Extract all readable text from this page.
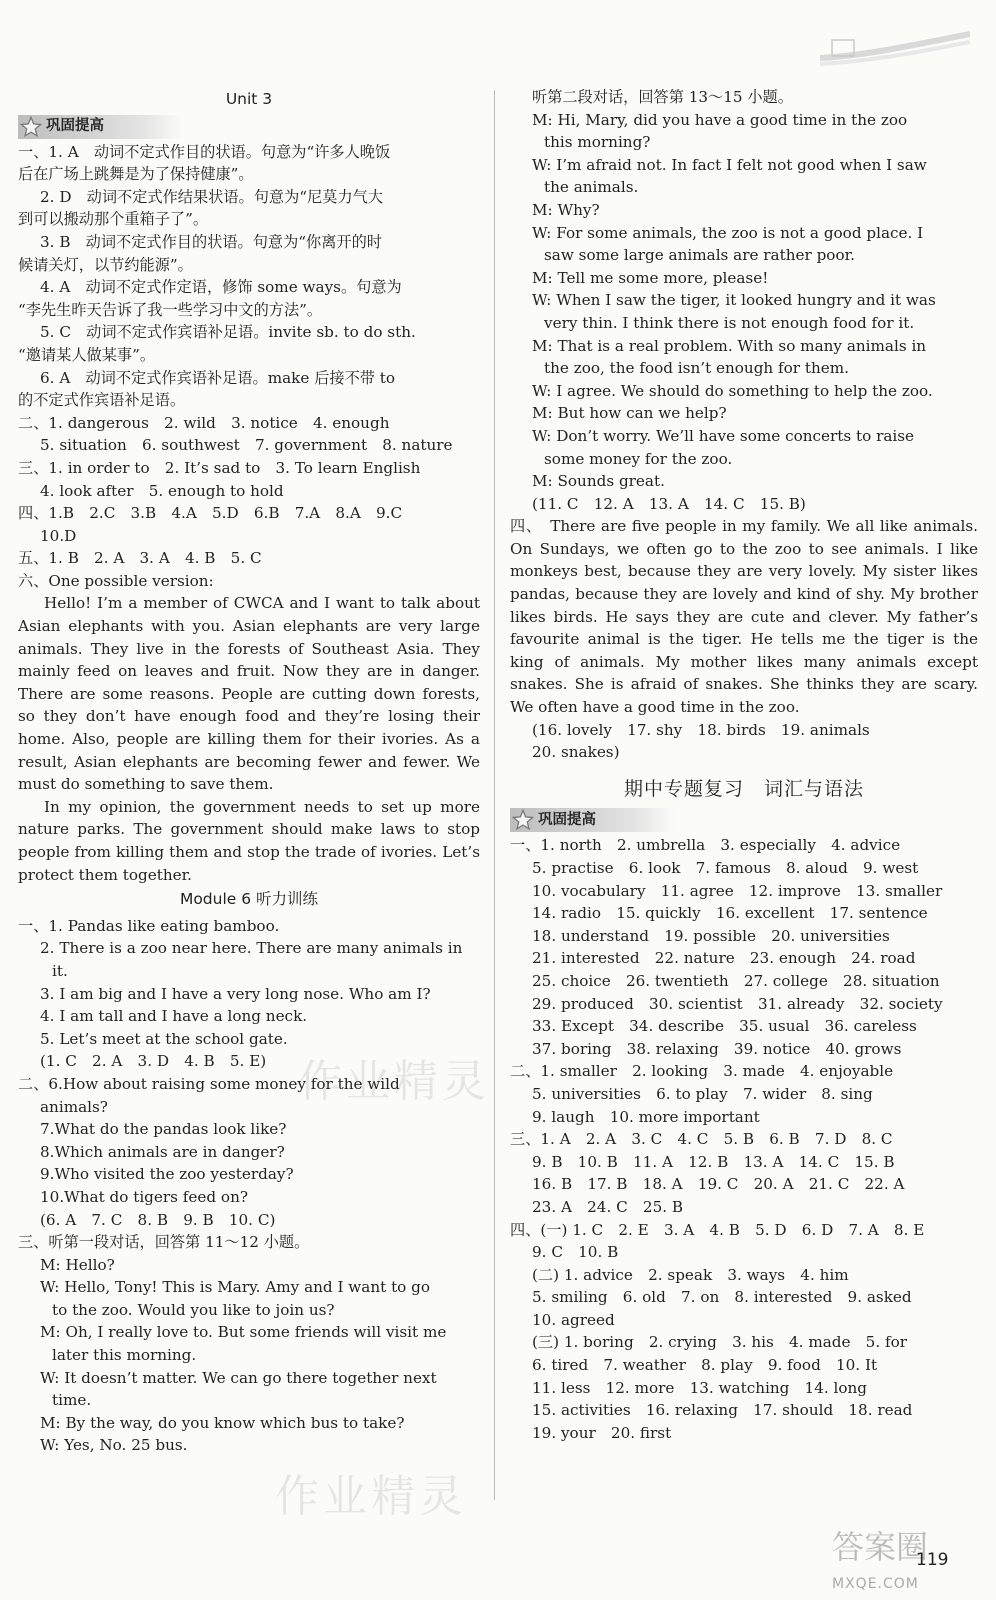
Unit 3
巩固提高
一、1. A　动词不定式作目的状语。句意为“许多人晚饭
后在广场上跳舞是为了保持健康”。
2. D　动词不定式作结果状语。句意为“尼莫力气大
到可以搬动那个重箱子了”。
3. B　动词不定式作目的状语。句意为“你离开的时
候请关灯，以节约能源”。
4. A　动词不定式作定语，修饰 some ways。句意为
“李先生昨天告诉了我一些学习中文的方法”。
5. C　动词不定式作宾语补足语。invite sb. to do sth.
“邀请某人做某事”。
6. A　动词不定式作宾语补足语。make 后接不带 to
的不定式作宾语补足语。
二、1. dangerous　2. wild　3. notice　4. enough
5. situation　6. southwest　7. government　8. nature
三、1. in order to　2. It’s sad to　3. To learn English
4. look after　5. enough to hold
四、1.B　2.C　3.B　4.A　5.D　6.B　7.A　8.A　9.C
10.D
五、1. B　2. A　3. A　4. B　5. C
六、One possible version:

Hello! I’m a member of CWCA and I want to talk about Asian elephants with you. Asian elephants are very large animals. They live in the forests of Southeast Asia. They mainly feed on leaves and fruit. Now they are in danger. There are some reasons. People are cutting down forests, so they don’t have enough food and they’re losing their home. Also, people are killing them for their ivories. As a result, Asian elephants are becoming fewer and fewer. We must do something to save them.

In my opinion, the government needs to set up more nature parks. The government should make laws to stop people from killing them and stop the trade of ivories. Let’s protect them together.

Module 6 听力训练
一、1. Pandas like eating bamboo.
2. There is a zoo near here. There are many animals in
it.
3. I am big and I have a very long nose. Who am I?
4. I am tall and I have a long neck.
5. Let’s meet at the school gate.
(1. C　2. A　3. D　4. B　5. E)
二、6.How about raising some money for the wild
animals?
7.What do the pandas look like?
8.Which animals are in danger?
9.Who visited the zoo yesterday?
10.What do tigers feed on?
(6. A　7. C　8. B　9. B　10. C)
三、听第一段对话，回答第 11～12 小题。
M: Hello?
W: Hello, Tony! This is Mary. Amy and I want to go
to the zoo. Would you like to join us?
M: Oh, I really love to. But some friends will visit me
later this morning.
W: It doesn’t matter. We can go there together next
time.
M: By the way, do you know which bus to take?
W: Yes, No. 25 bus.
听第二段对话，回答第 13～15 小题。
M: Hi, Mary, did you have a good time in the zoo
this morning?
W: I’m afraid not. In fact I felt not good when I saw
the animals.
M: Why?
W: For some animals, the zoo is not a good place. I
saw some large animals are rather poor.
M: Tell me some more, please!
W: When I saw the tiger, it looked hungry and it was
very thin. I think there is not enough food for it.
M: That is a real problem. With so many animals in
the zoo, the food isn’t enough for them.
W: I agree. We should do something to help the zoo.
M: But how can we help?
W: Don’t worry. We’ll have some concerts to raise
some money for the zoo.
M: Sounds great.
(11. C　12. A　13. A　14. C　15. B)

四、　There are five people in my family. We all like animals. On Sundays, we often go to the zoo to see animals. I like monkeys best, because they are very lovely. My sister likes pandas, because they are lovely and kind of shy. My brother likes birds. He says they are cute and clever. My father’s favourite animal is the tiger. He tells me the tiger is the king of animals. My mother likes many animals except snakes. She is afraid of snakes. She thinks they are scary. We often have a good time in the zoo.

(16. lovely　17. shy　18. birds　19. animals
20. snakes)
期中专题复习　词汇与语法
巩固提高
一、1. north　2. umbrella　3. especially　4. advice
5. practise　6. look　7. famous　8. aloud　9. west
10. vocabulary　11. agree　12. improve　13. smaller
14. radio　15. quickly　16. excellent　17. sentence
18. understand　19. possible　20. universities
21. interested　22. nature　23. enough　24. road
25. choice　26. twentieth　27. college　28. situation
29. produced　30. scientist　31. already　32. society
33. Except　34. describe　35. usual　36. careless
37. boring　38. relaxing　39. notice　40. grows
二、1. smaller　2. looking　3. made　4. enjoyable
5. universities　6. to play　7. wider　8. sing
9. laugh　10. more important
三、1. A　2. A　3. C　4. C　5. B　6. B　7. D　8. C
9. B　10. B　11. A　12. B　13. A　14. C　15. B
16. B　17. B　18. A　19. C　20. A　21. C　22. A
23. A　24. C　25. B
四、(一) 1. C　2. E　3. A　4. B　5. D　6. D　7. A　8. E
9. C　10. B
(二) 1. advice　2. speak　3. ways　4. him
5. smiling　6. old　7. on　8. interested　9. asked
10. agreed
(三) 1. boring　2. crying　3. his　4. made　5. for
6. tired　7. weather　8. play　9. food　10. It
11. less　12. more　13. watching　14. long
15. activities　16. relaxing　17. should　18. read
19. your　20. first
作业精灵
作业精灵
答案圈
MXQE.COM
119
